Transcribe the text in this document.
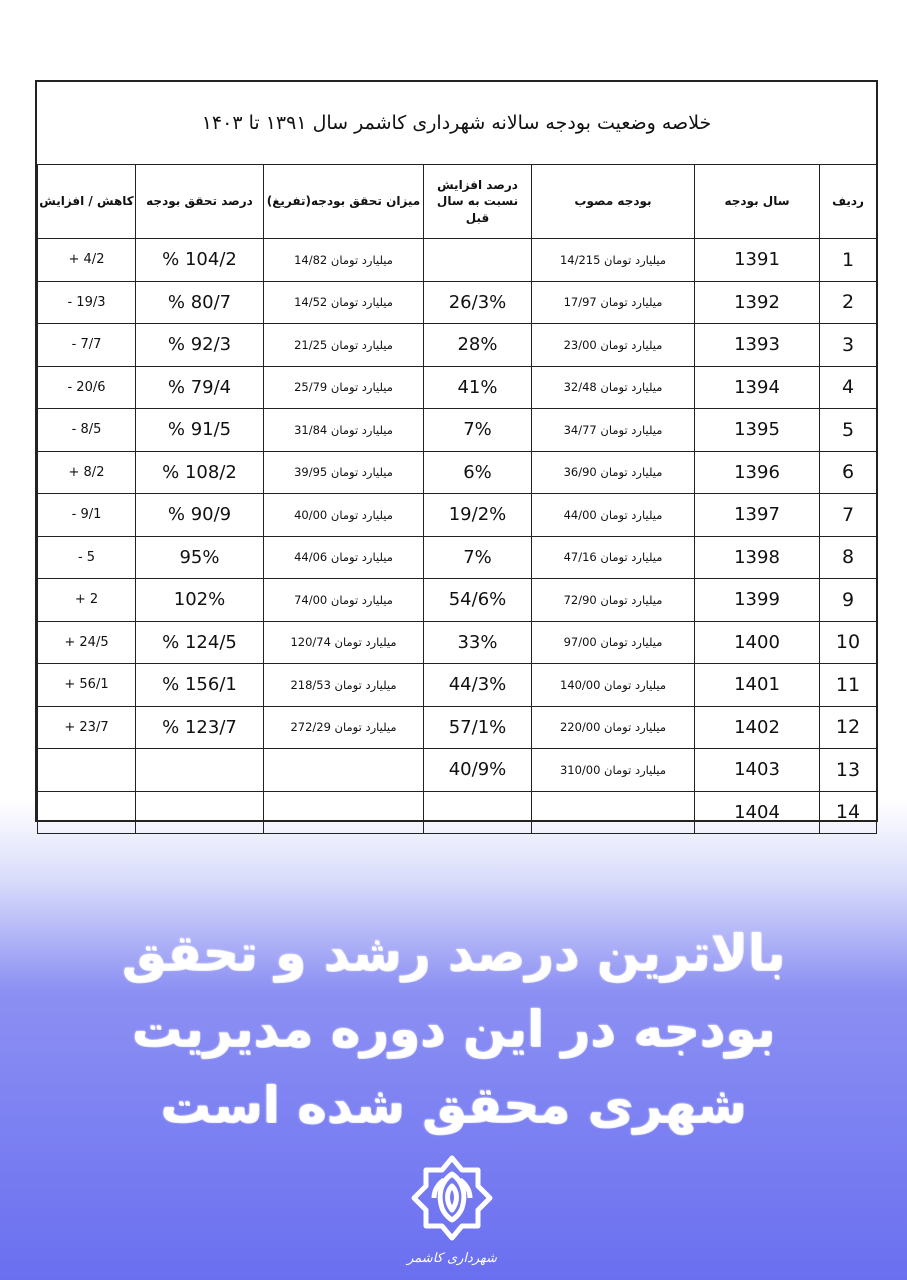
خلاصه وضعیت بودجه سالانه شهرداری کاشمر سال ۱۳۹۱ تا ۱۴۰۳
ردیف	سال بودجه	بودجه مصوب	درصد افزایش نسبت به سال قبل	میزان تحقق بودجه(تفریغ)	درصد تحقق بودجه	کاهش / افزایش
1	1391	میلیارد تومان 14/215		میلیارد تومان 14/82	104/2 %	+ 4/2
2	1392	میلیارد تومان 17/97	26/3%	میلیارد تومان 14/52	80/7 %	- 19/3
3	1393	میلیارد تومان 23/00	28%	میلیارد تومان 21/25	92/3 %	- 7/7
4	1394	میلیارد تومان 32/48	41%	میلیارد تومان 25/79	79/4 %	- 20/6
5	1395	میلیارد تومان 34/77	7%	میلیارد تومان 31/84	91/5 %	- 8/5
6	1396	میلیارد تومان 36/90	6%	میلیارد تومان 39/95	108/2 %	+ 8/2
7	1397	میلیارد تومان 44/00	19/2%	میلیارد تومان 40/00	90/9 %	- 9/1
8	1398	میلیارد تومان 47/16	7%	میلیارد تومان 44/06	95%	- 5
9	1399	میلیارد تومان 72/90	54/6%	میلیارد تومان 74/00	102%	+ 2
10	1400	میلیارد تومان 97/00	33%	میلیارد تومان 120/74	124/5 %	+ 24/5
11	1401	میلیارد تومان 140/00	44/3%	میلیارد تومان 218/53	156/1 %	+ 56/1
12	1402	میلیارد تومان 220/00	57/1%	میلیارد تومان 272/29	123/7 %	+ 23/7
13	1403	میلیارد تومان 310/00	40/9%			
14	1404					
بالاترین درصد رشد و تحقق
بودجه در این دوره مدیریت
شهری محقق شده است
شهرداری کاشمر
